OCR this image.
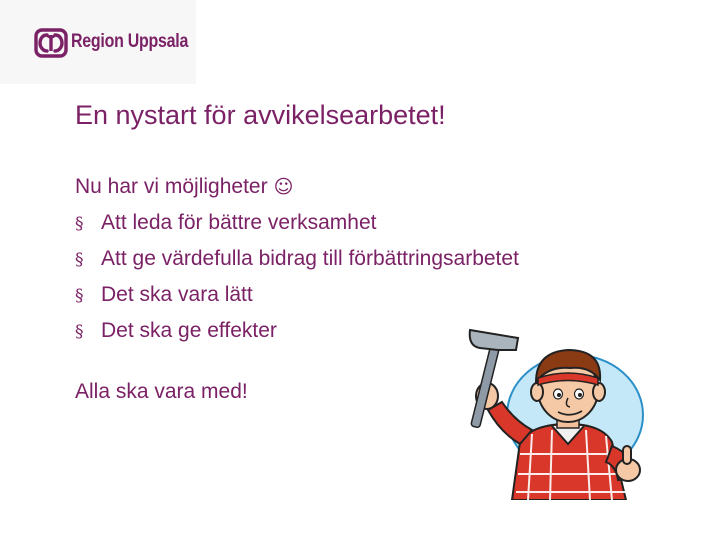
Region Uppsala
En nystart för avvikelsearbetet!
Nu har vi möjligheter ☺
§ Att leda för bättre verksamhet
§ Att ge värdefulla bidrag till förbättringsarbetet
§ Det ska vara lätt
§ Det ska ge effekter

Alla ska vara med!
